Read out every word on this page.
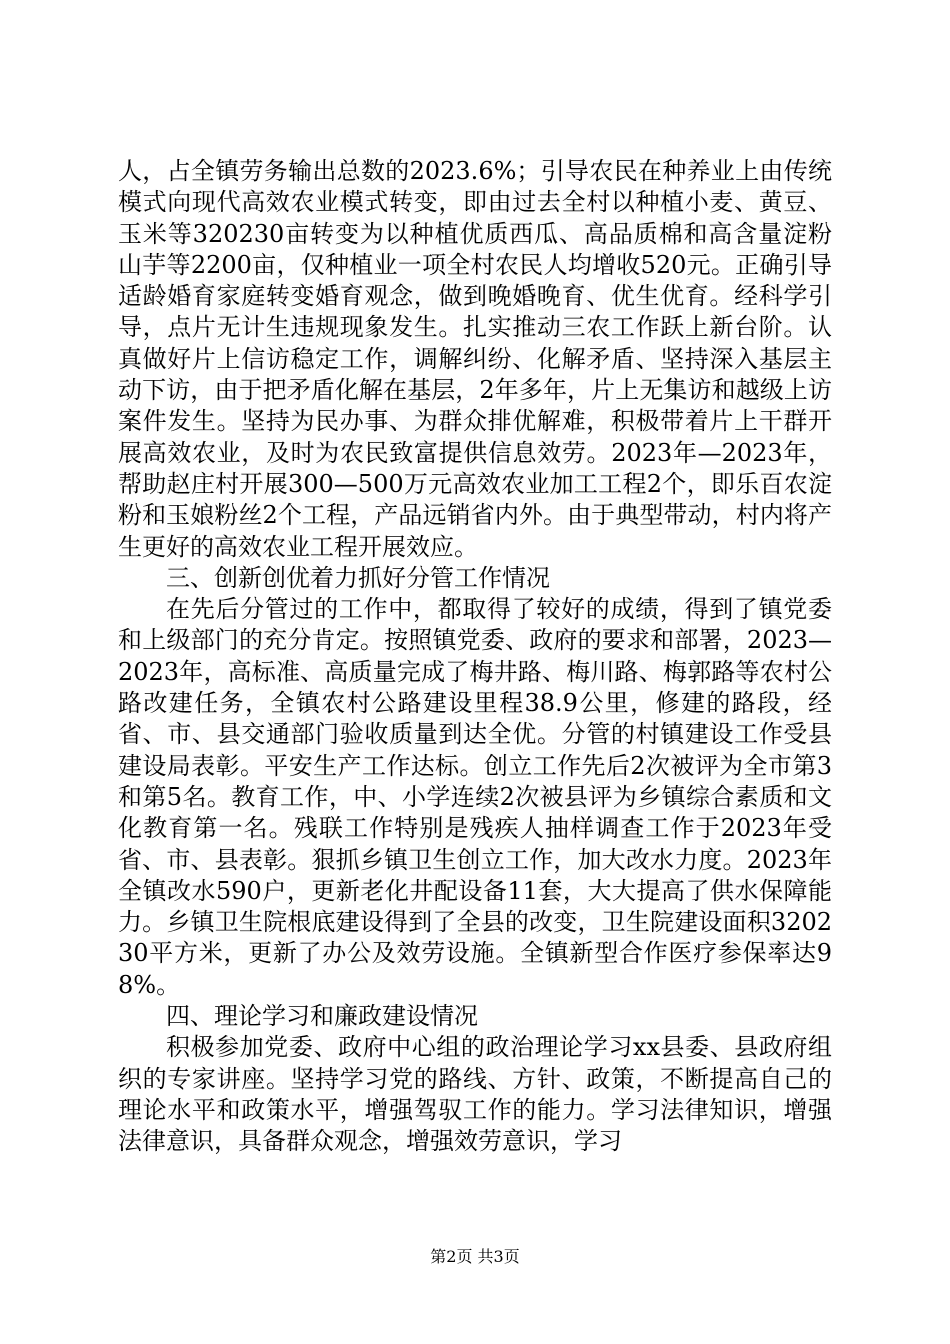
人，占全镇劳务输出总数的2023.6%；引导农民在种养业上由传统模式向现代高效农业模式转变，即由过去全村以种植小麦、黄豆、玉米等320230亩转变为以种植优质西瓜、高品质棉和高含量淀粉山芋等2200亩，仅种植业一项全村农民人均增收520元。正确引导适龄婚育家庭转变婚育观念，做到晚婚晚育、优生优育。经科学引导，点片无计生违规现象发生。扎实推动三农工作跃上新台阶。认真做好片上信访稳定工作，调解纠纷、化解矛盾、坚持深入基层主动下访，由于把矛盾化解在基层，2年多年，片上无集访和越级上访案件发生。坚持为民办事、为群众排优解难，积极带着片上干群开展高效农业，及时为农民致富提供信息效劳。2023年—2023年，帮助赵庄村开展300—500万元高效农业加工工程2个，即乐百农淀粉和玉娘粉丝2个工程，产品远销省内外。由于典型带动，村内将产生更好的高效农业工程开展效应。

三、创新创优着力抓好分管工作情况

在先后分管过的工作中，都取得了较好的成绩，得到了镇党委和上级部门的充分肯定。按照镇党委、政府的要求和部署，2023—2023年，高标准、高质量完成了梅井路、梅川路、梅郭路等农村公路改建任务，全镇农村公路建设里程38.9公里，修建的路段，经省、市、县交通部门验收质量到达全优。分管的村镇建设工作受县建设局表彰。平安生产工作达标。创立工作先后2次被评为全市第3和第5名。教育工作，中、小学连续2次被县评为乡镇综合素质和文化教育第一名。残联工作特别是残疾人抽样调查工作于2023年受省、市、县表彰。狠抓乡镇卫生创立工作，加大改水力度。2023年全镇改水590户，更新老化井配设备11套，大大提高了供水保障能力。乡镇卫生院根底建设得到了全县的改变，卫生院建设面积320230平方米，更新了办公及效劳设施。全镇新型合作医疗参保率达98%。

四、理论学习和廉政建设情况

积极参加党委、政府中心组的政治理论学习xx县委、县政府组织的专家讲座。坚持学习党的路线、方针、政策，不断提高自己的理论水平和政策水平，增强驾驭工作的能力。学习法律知识，增强法律意识，具备群众观念，增强效劳意识，学习

第2页 共3页
